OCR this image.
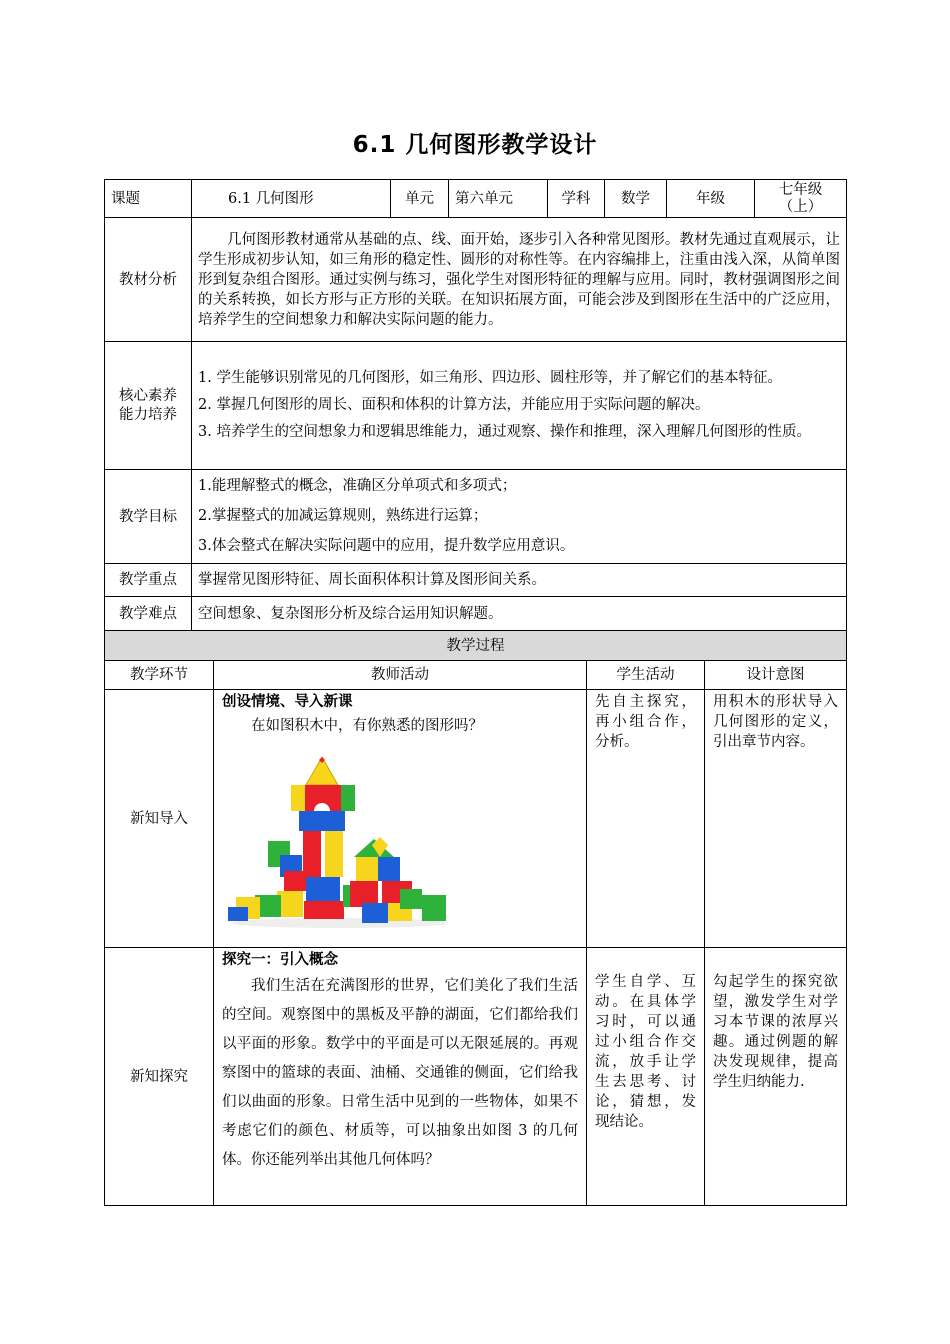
6.1 几何图形教学设计
课题	6.1 几何图形	单元	第六单元	学科	数学	年级	七年级（上）
教材分析	几何图形教材通常从基础的点、线、面开始，逐步引入各种常见图形。教材先通过直观展示，让学生形成初步认知，如三角形的稳定性、圆形的对称性等。在内容编排上，注重由浅入深，从简单图形到复杂组合图形。通过实例与练习，强化学生对图形特征的理解与应用。同时，教材强调图形之间的关系转换，如长方形与正方形的关联。在知识拓展方面，可能会涉及到图形在生活中的广泛应用，培养学生的空间想象力和解决实际问题的能力。						
核心素养能力培养	1. 学生能够识别常见的几何图形，如三角形、四边形、圆柱形等，并了解它们的基本特征。

2. 掌握几何图形的周长、面积和体积的计算方法，并能应用于实际问题的解决。

3. 培养学生的空间想象力和逻辑思维能力，通过观察、操作和推理，深入理解几何图形的性质。						

教学目标	1.能理解整式的概念，准确区分单项式和多项式；

2.掌握整式的加减运算规则，熟练进行运算；

3.体会整式在解决实际问题中的应用，提升数学应用意识。						

教学重点	掌握常见图形特征、周长面积体积计算及图形间关系。						
教学难点	空间想象、复杂图形分析及综合运用知识解题。						
教学过程			
教学环节	教师活动	学生活动	设计意图
新知导入	创设情境、导入新课
在如图积木中，有你熟悉的图形吗？	先自主探究，再小组合作，分析。	用积木的形状导入几何图形的定义，引出章节内容。
新知探究	探究一：引入概念
我们生活在充满图形的世界，它们美化了我们生活的空间。观察图中的黑板及平静的湖面，它们都给我们以平面的形象。数学中的平面是可以无限延展的。再观察图中的篮球的表面、油桶、交通锥的侧面，它们给我们以曲面的形象。日常生活中见到的一些物体，如果不考虑它们的颜色、材质等，可以抽象出如图 3 的几何体。你还能列举出其他几何体吗？	学生自学、互动。在具体学习时，可以通过小组合作交流，放手让学生去思考、讨论，猜想，发现结论。	勾起学生的探究欲望，激发学生对学习本节课的浓厚兴趣。通过例题的解决发现规律，提高学生归纳能力.
